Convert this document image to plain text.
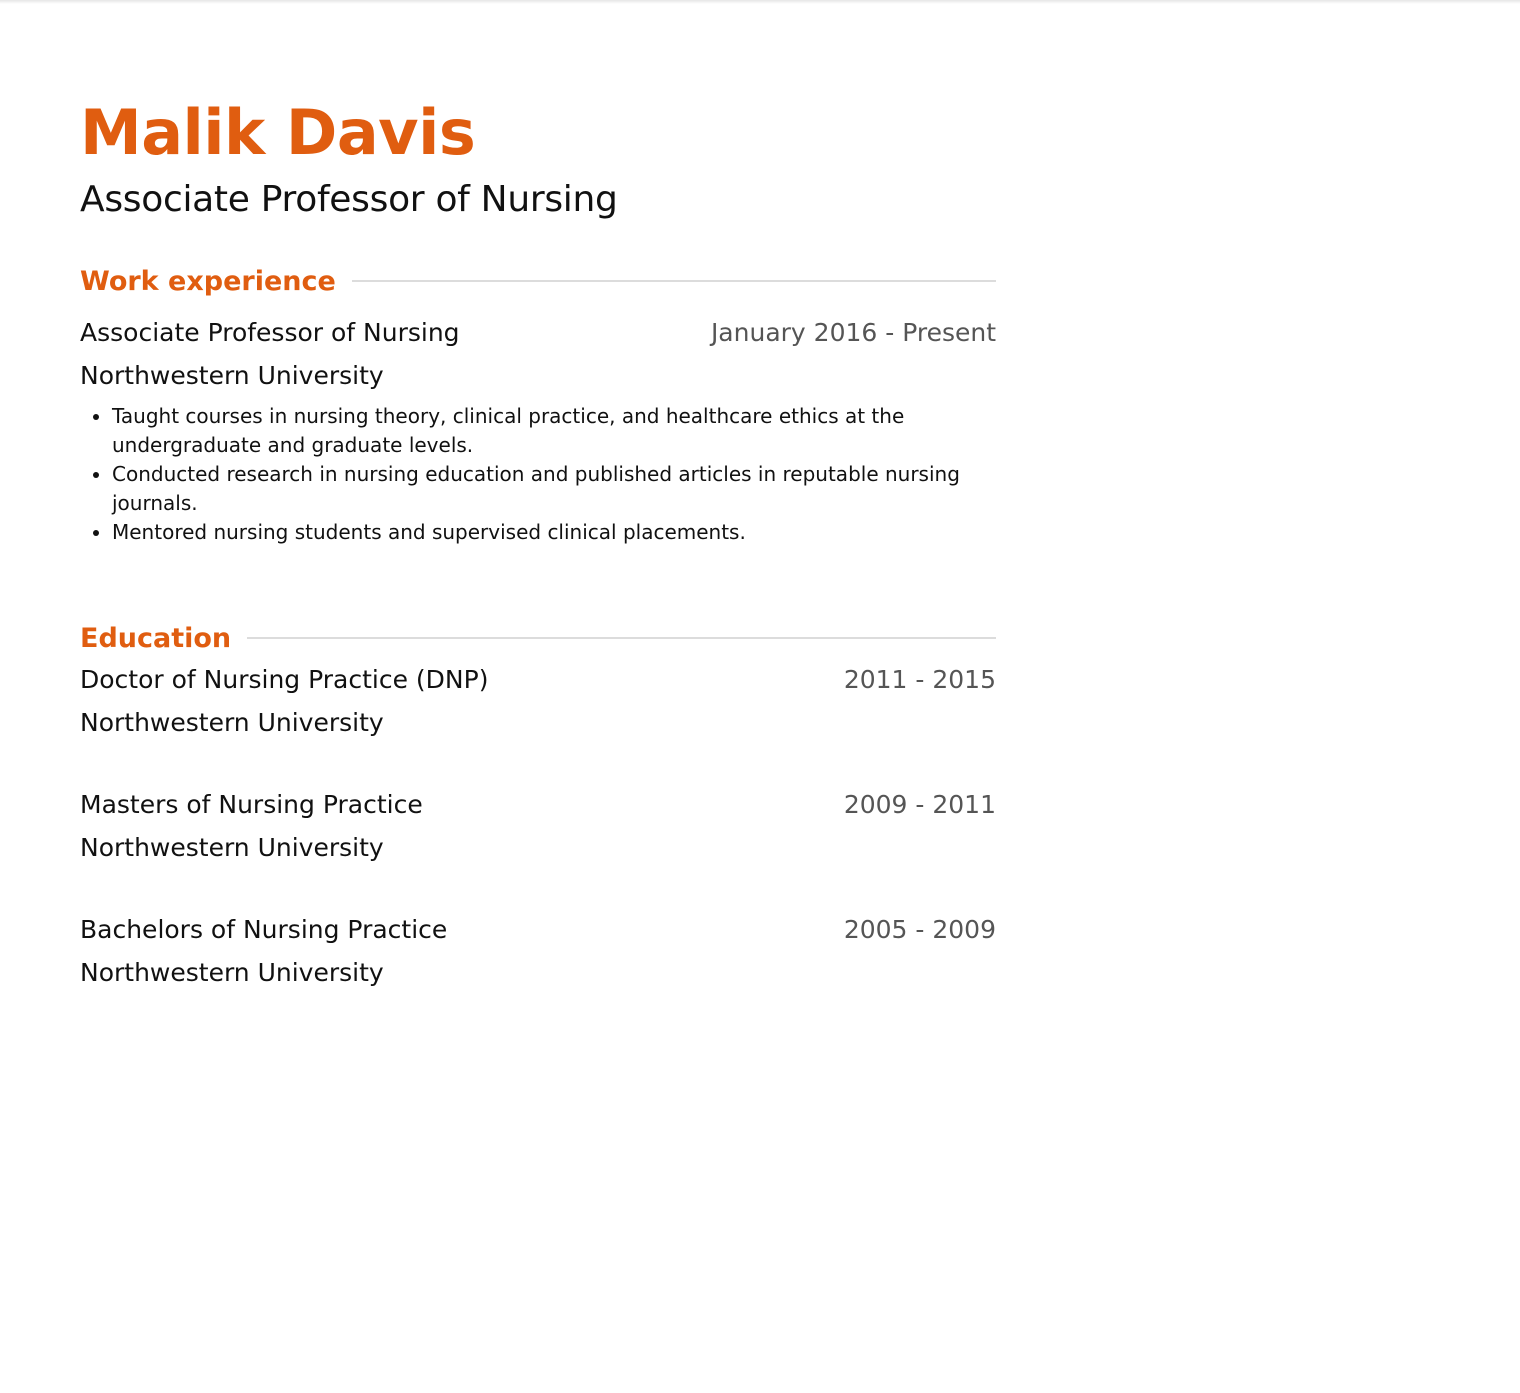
Malik Davis
Associate Professor of Nursing
Work experience
Associate Professor of Nursing	January 2016 - Present
Northwestern University
• Taught courses in nursing theory, clinical practice, and healthcare ethics at the undergraduate and graduate levels.
• Conducted research in nursing education and published articles in reputable nursing journals.
• Mentored nursing students and supervised clinical placements.
Education
Doctor of Nursing Practice (DNP)	2011 - 2015
Northwestern University
Masters of Nursing Practice	2009 - 2011
Northwestern University
Bachelors of Nursing Practice	2005 - 2009
Northwestern University
